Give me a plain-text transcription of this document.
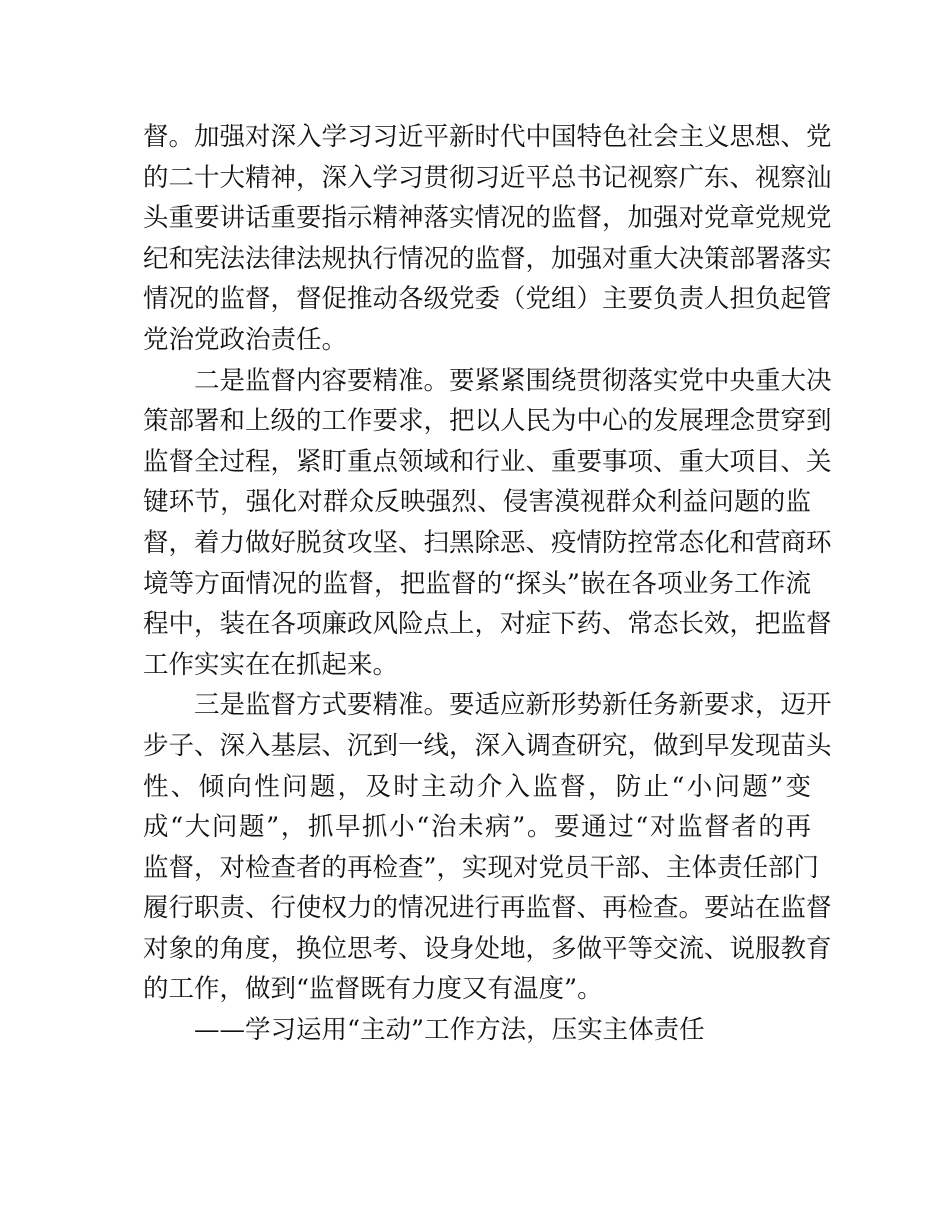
督。加强对深入学习习近平新时代中国特色社会主义思想、党
的二十大精神，深入学习贯彻习近平总书记视察广东、视察汕
头重要讲话重要指示精神落实情况的监督，加强对党章党规党
纪和宪法法律法规执行情况的监督，加强对重大决策部署落实
情况的监督，督促推动各级党委（党组）主要负责人担负起管
党治党政治责任。
二是监督内容要精准。要紧紧围绕贯彻落实党中央重大决
策部署和上级的工作要求，把以人民为中心的发展理念贯穿到
监督全过程，紧盯重点领域和行业、重要事项、重大项目、关
键环节，强化对群众反映强烈、侵害漠视群众利益问题的监
督，着力做好脱贫攻坚、扫黑除恶、疫情防控常态化和营商环
境等方面情况的监督，把监督的“探头”嵌在各项业务工作流
程中，装在各项廉政风险点上，对症下药、常态长效，把监督
工作实实在在抓起来。
三是监督方式要精准。要适应新形势新任务新要求，迈开
步子、深入基层、沉到一线，深入调查研究，做到早发现苗头
性、倾向性问题，及时主动介入监督，防止“小问题”变
成“大问题”，抓早抓小“治未病”。要通过“对监督者的再
监督，对检查者的再检查”，实现对党员干部、主体责任部门
履行职责、行使权力的情况进行再监督、再检查。要站在监督
对象的角度，换位思考、设身处地，多做平等交流、说服教育
的工作，做到“监督既有力度又有温度”。
——学习运用“主动”工作方法，压实主体责任
